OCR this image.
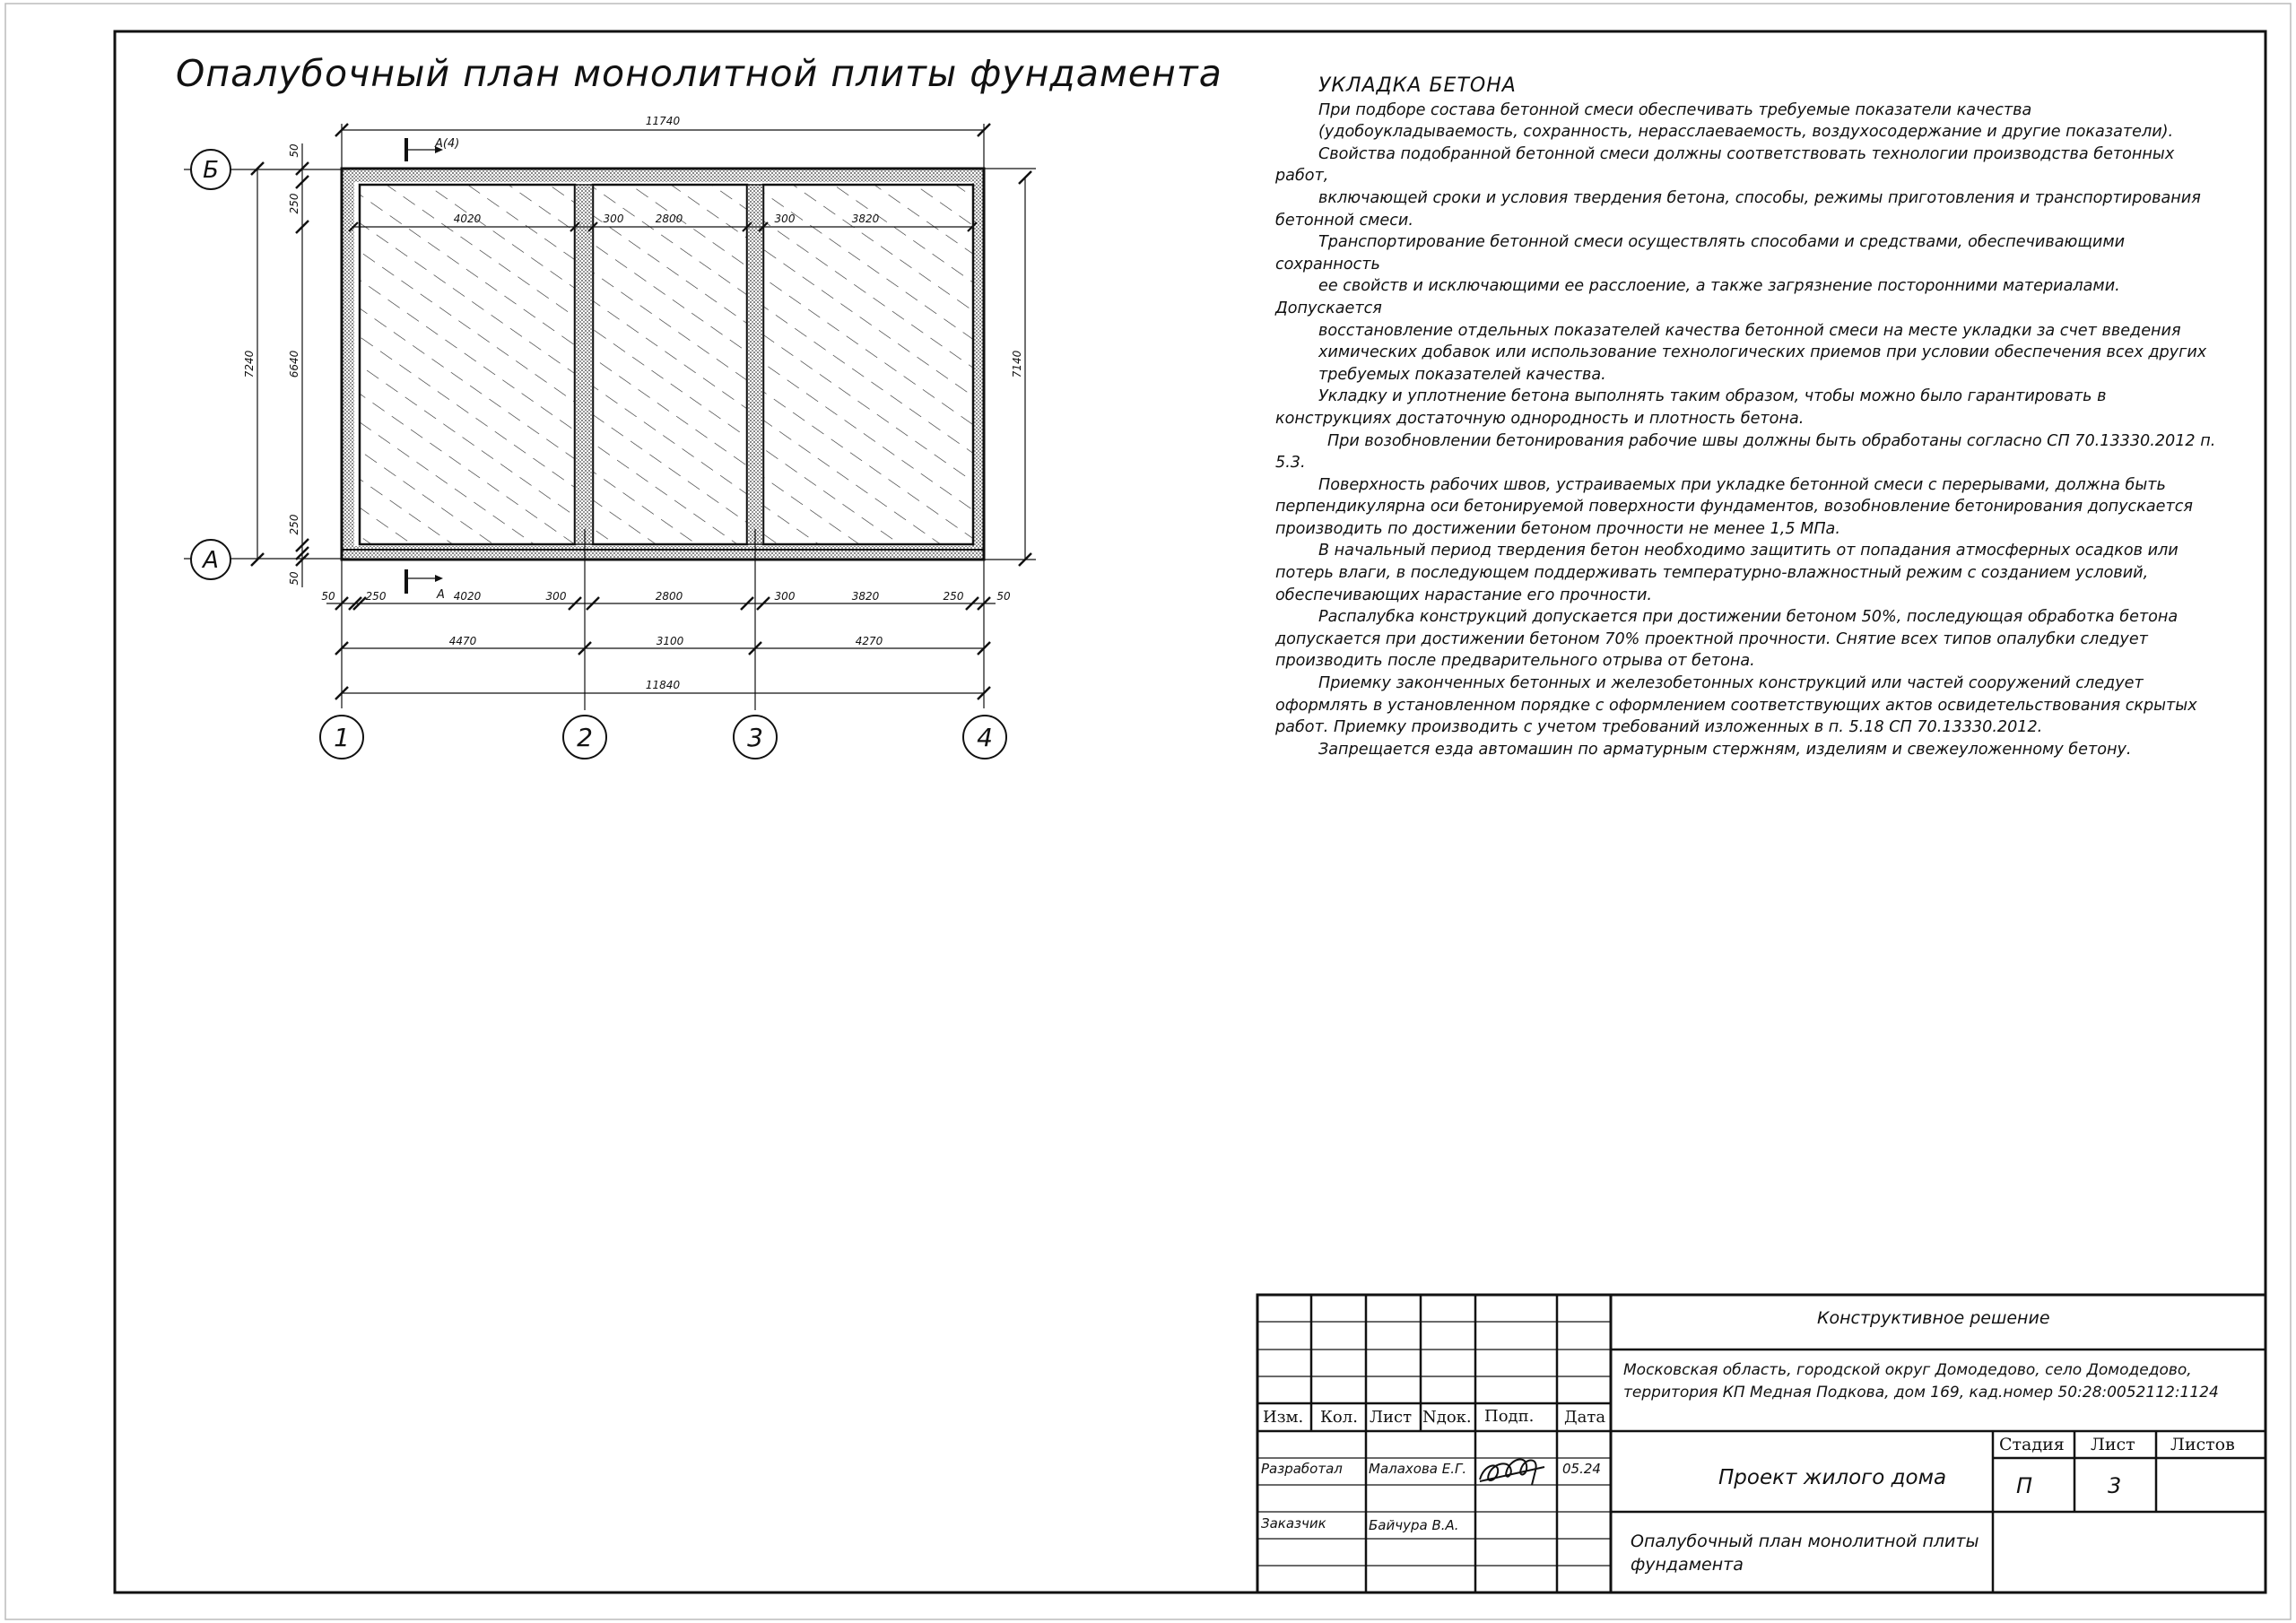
11740
4020	300	2800	300	3820
А(4)
А
7240
50
250
6640
250
50
7140
Б
А
50	250	4020	300	2800	300	3820	250	50
4470	3100	4270
11840
1	2	3	4
Опалубочный план монолитной плиты фундамента	УКЛАДКА БЕТОНА

При подборе состава бетонной смеси обеспечивать требуемые показатели качества

(удобоукладываемость, сохранность, нерасслаеваемость, воздухосодержание и другие показатели).

Свойства подобранной бетонной смеси должны соответствовать технологии производства бетонных

работ,

включающей сроки и условия твердения бетона, способы, режимы приготовления и транспортирования

бетонной смеси.

Транспортирование бетонной смеси осуществлять способами и средствами, обеспечивающими

сохранность

ее свойств и исключающими ее расслоение, а также загрязнение посторонними материалами.

Допускается

восстановление отдельных показателей качества бетонной смеси на месте укладки за счет введения

химических добавок или использование технологических приемов при условии обеспечения всех других

требуемых показателей качества.

Укладку и уплотнение бетона выполнять таким образом, чтобы можно было гарантировать в

конструкциях достаточную однородность и плотность бетона.

При возобновлении бетонирования рабочие швы должны быть обработаны согласно СП 70.13330.2012 п.

5.3.

Поверхность рабочих швов, устраиваемых при укладке бетонной смеси с перерывами, должна быть

перпендикулярна оси бетонируемой поверхности фундаментов, возобновление бетонирования допускается

производить по достижении бетоном прочности не менее 1,5 МПа.

В начальный период твердения бетон необходимо защитить от попадания атмосферных осадков или

потерь влаги, в последующем поддерживать температурно-влажностный режим с созданием условий,

обеспечивающих нарастание его прочности.

Распалубка конструкций допускается при достижении бетоном 50%, последующая обработка бетона

допускается при достижении бетоном 70% проектной прочности. Снятие всех типов опалубки следует

производить после предварительного отрыва от бетона.

Приемку законченных бетонных и железобетонных конструкций или частей сооружений следует

оформлять в установленном порядке с оформлением соответствующих актов освидетельствования скрытых

работ. Приемку производить с учетом требований изложенных в п. 5.18 СП 70.13330.2012.

Запрещается езда автомашин по арматурным стержням, изделиям и свежеуложенному бетону.

Конструктивное решение
Московская область, городской округ Домодедово, село Домодедово,
территория КП Медная Подкова, дом 169, кад.номер 50:28:0052112:1124
Изм. Кол. Лист Nдок. Подп. Дата
Разработал Малахова Е.Г.	05.24
Заказчик	Байчура В.А.
Проект жилого дома
Стадия Лист Листов
П	3
Опалубочный план монолитной плиты
фундамента
